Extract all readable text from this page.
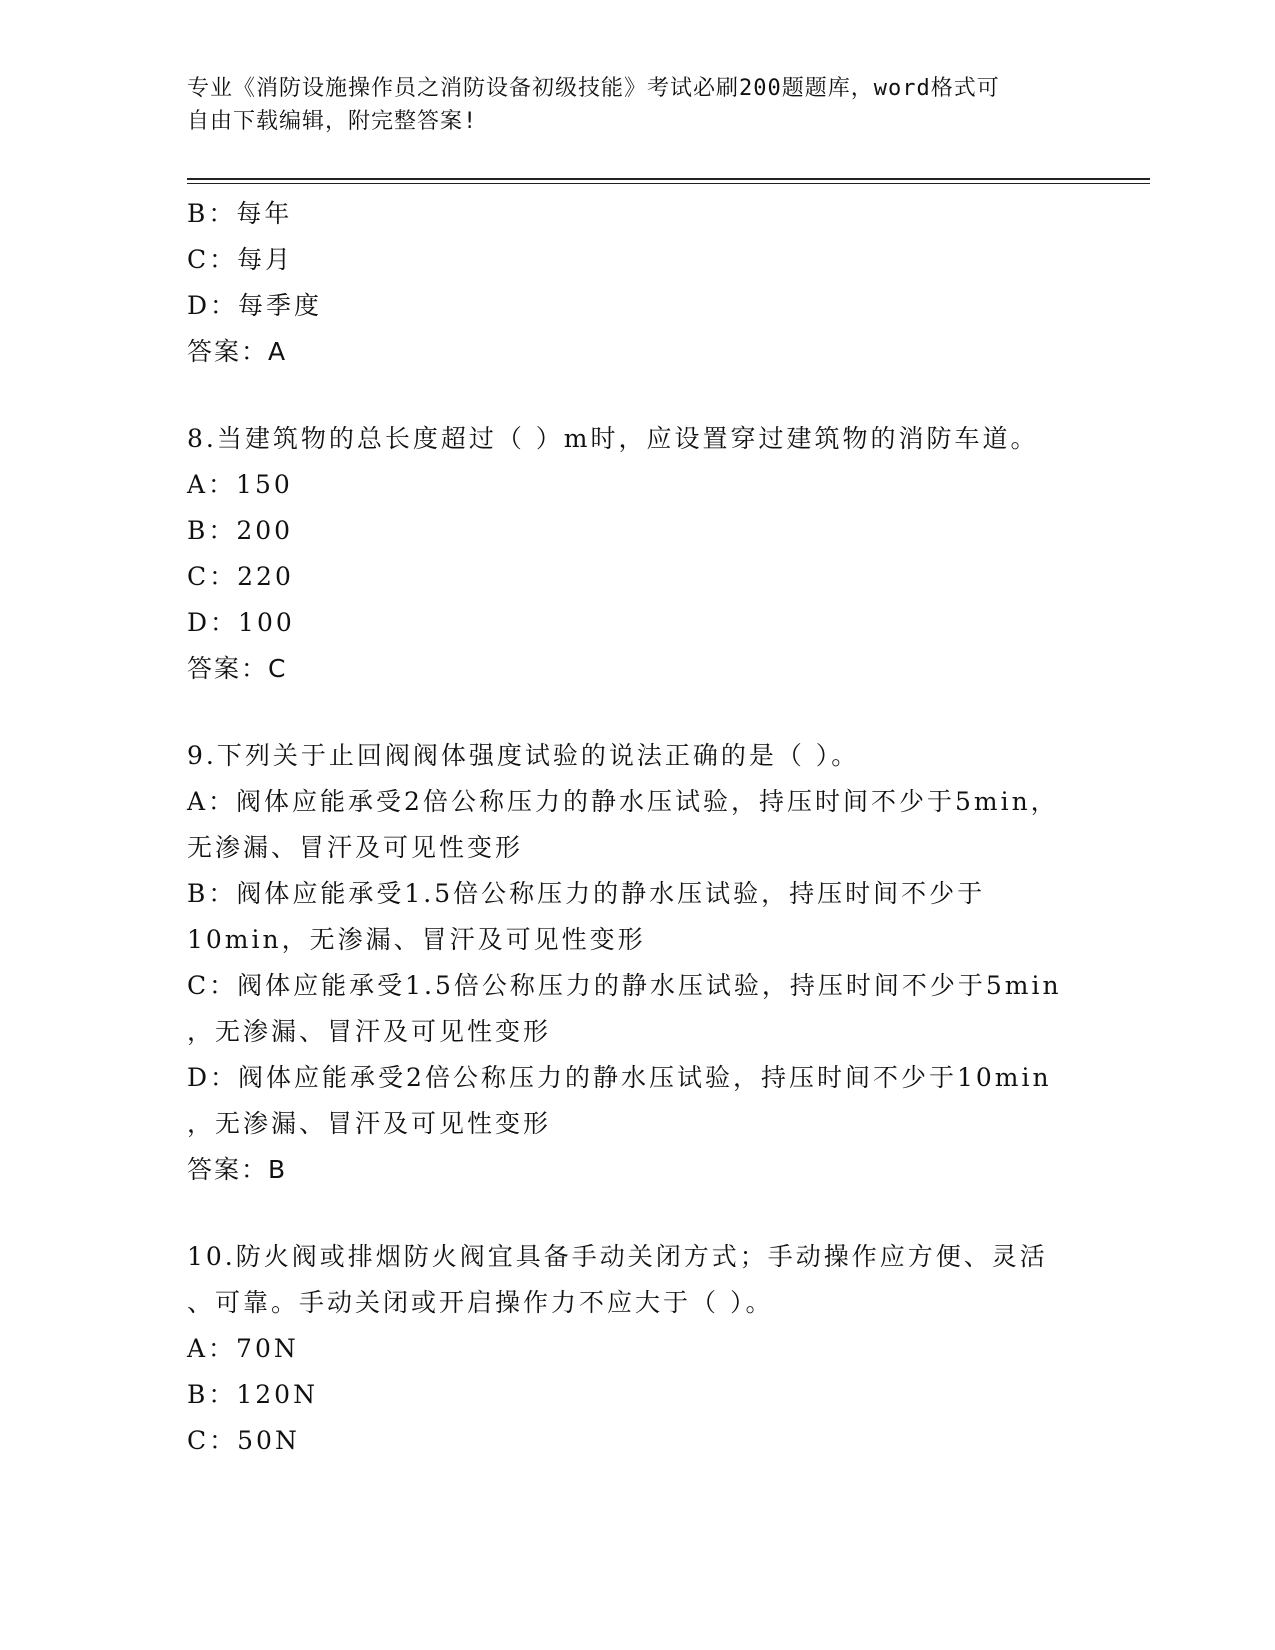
专业《消防设施操作员之消防设备初级技能》考试必刷200题题库，word格式可
自由下载编辑，附完整答案!
B：每年
C：每月
D：每季度
答案：A
8.当建筑物的总长度超过（ ）m时，应设置穿过建筑物的消防车道。
A：150
B：200
C：220
D：100
答案：C
9.下列关于止回阀阀体强度试验的说法正确的是（ ）。
A：阀体应能承受2倍公称压力的静水压试验，持压时间不少于5min，
无渗漏、冒汗及可见性变形
B：阀体应能承受1.5倍公称压力的静水压试验，持压时间不少于
10min，无渗漏、冒汗及可见性变形
C：阀体应能承受1.5倍公称压力的静水压试验，持压时间不少于5min
，无渗漏、冒汗及可见性变形
D：阀体应能承受2倍公称压力的静水压试验，持压时间不少于10min
，无渗漏、冒汗及可见性变形
答案：B
10.防火阀或排烟防火阀宜具备手动关闭方式；手动操作应方便、灵活
、可靠。手动关闭或开启操作力不应大于（ ）。
A：70N
B：120N
C：50N
